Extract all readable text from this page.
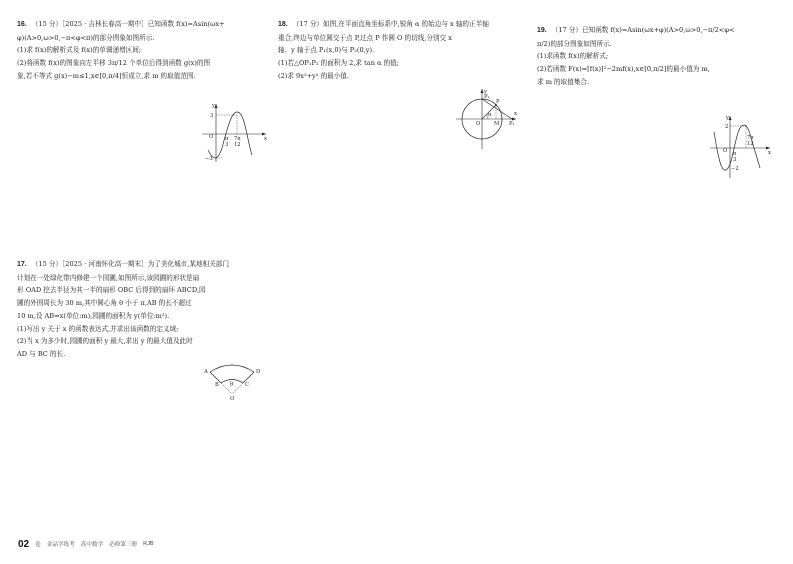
16. （15 分）［2025 · 吉林长春高一期中］已知函数 f(x)=Asin(ωx+
φ)(A>0,ω>0,−π<φ<π)的部分图象如图所示.
(1)求 f(x)的解析式及 f(x)的单调递增区间;
(2)将函数 f(x)的图象向左平移 3π/12 个单位后得到函数 g(x)的图
象,若不等式 g(x)−m≤1,x∈[0,π/4]恒成立,求 m 的取值范围.
y
x
O
3
−3
π
3
7π
12
17. （15 分）［2025 · 河南怀化高一期末］为了美化城市,某地相关部门
计划在一处绿化带内修建一个园圃,如图所示,该园圃的形状是扇
形 OAD 挖去半径为其一半的扇形 OBC 后得到的扇环 ABCD,园
圃的外围周长为 30 m,其中圆心角 θ 小于 π,AB 的长不超过
10 m,设 AB=x(单位:m),园圃的面积为 y(单位:m²).
(1)写出 y 关于 x 的函数表达式,并求出该函数的定义域;
(2)当 x 为多少时,园圃的面积 y 最大,求出 y 的最大值及此时
AD 与 BC 的长.
A	D
B	C
θ
O
18. （17 分）如图,在平面直角坐标系中,锐角 α 的始边与 x 轴的正半轴
重合,终边与单位圆交于点 P,过点 P 作圆 O 的切线,分别交 x
轴、y 轴于点 P₁(x,0)与 P₂(0,y).
(1)若△OP₁P₂ 的面积为 2,求 tan α 的值;
(2)求 9x²+y² 的最小值.
y
x
P₂
P
α
O	M P₁
19. （17 分）已知函数 f(x)=Asin(ωx+φ)(A>0,ω>0,−π/2<φ<
π/2)的部分图象如图所示.
(1)求函数 f(x)的解析式;
(2)若函数 F(x)=[f(x)]²−2mf(x),x∈[0,π/2]的最小值为 m,
求 m 的取值集合.
y
x
O
2
−2
π
3
7π
12
02 卷 金品学练考 高中数学 必修第三册 RJB
